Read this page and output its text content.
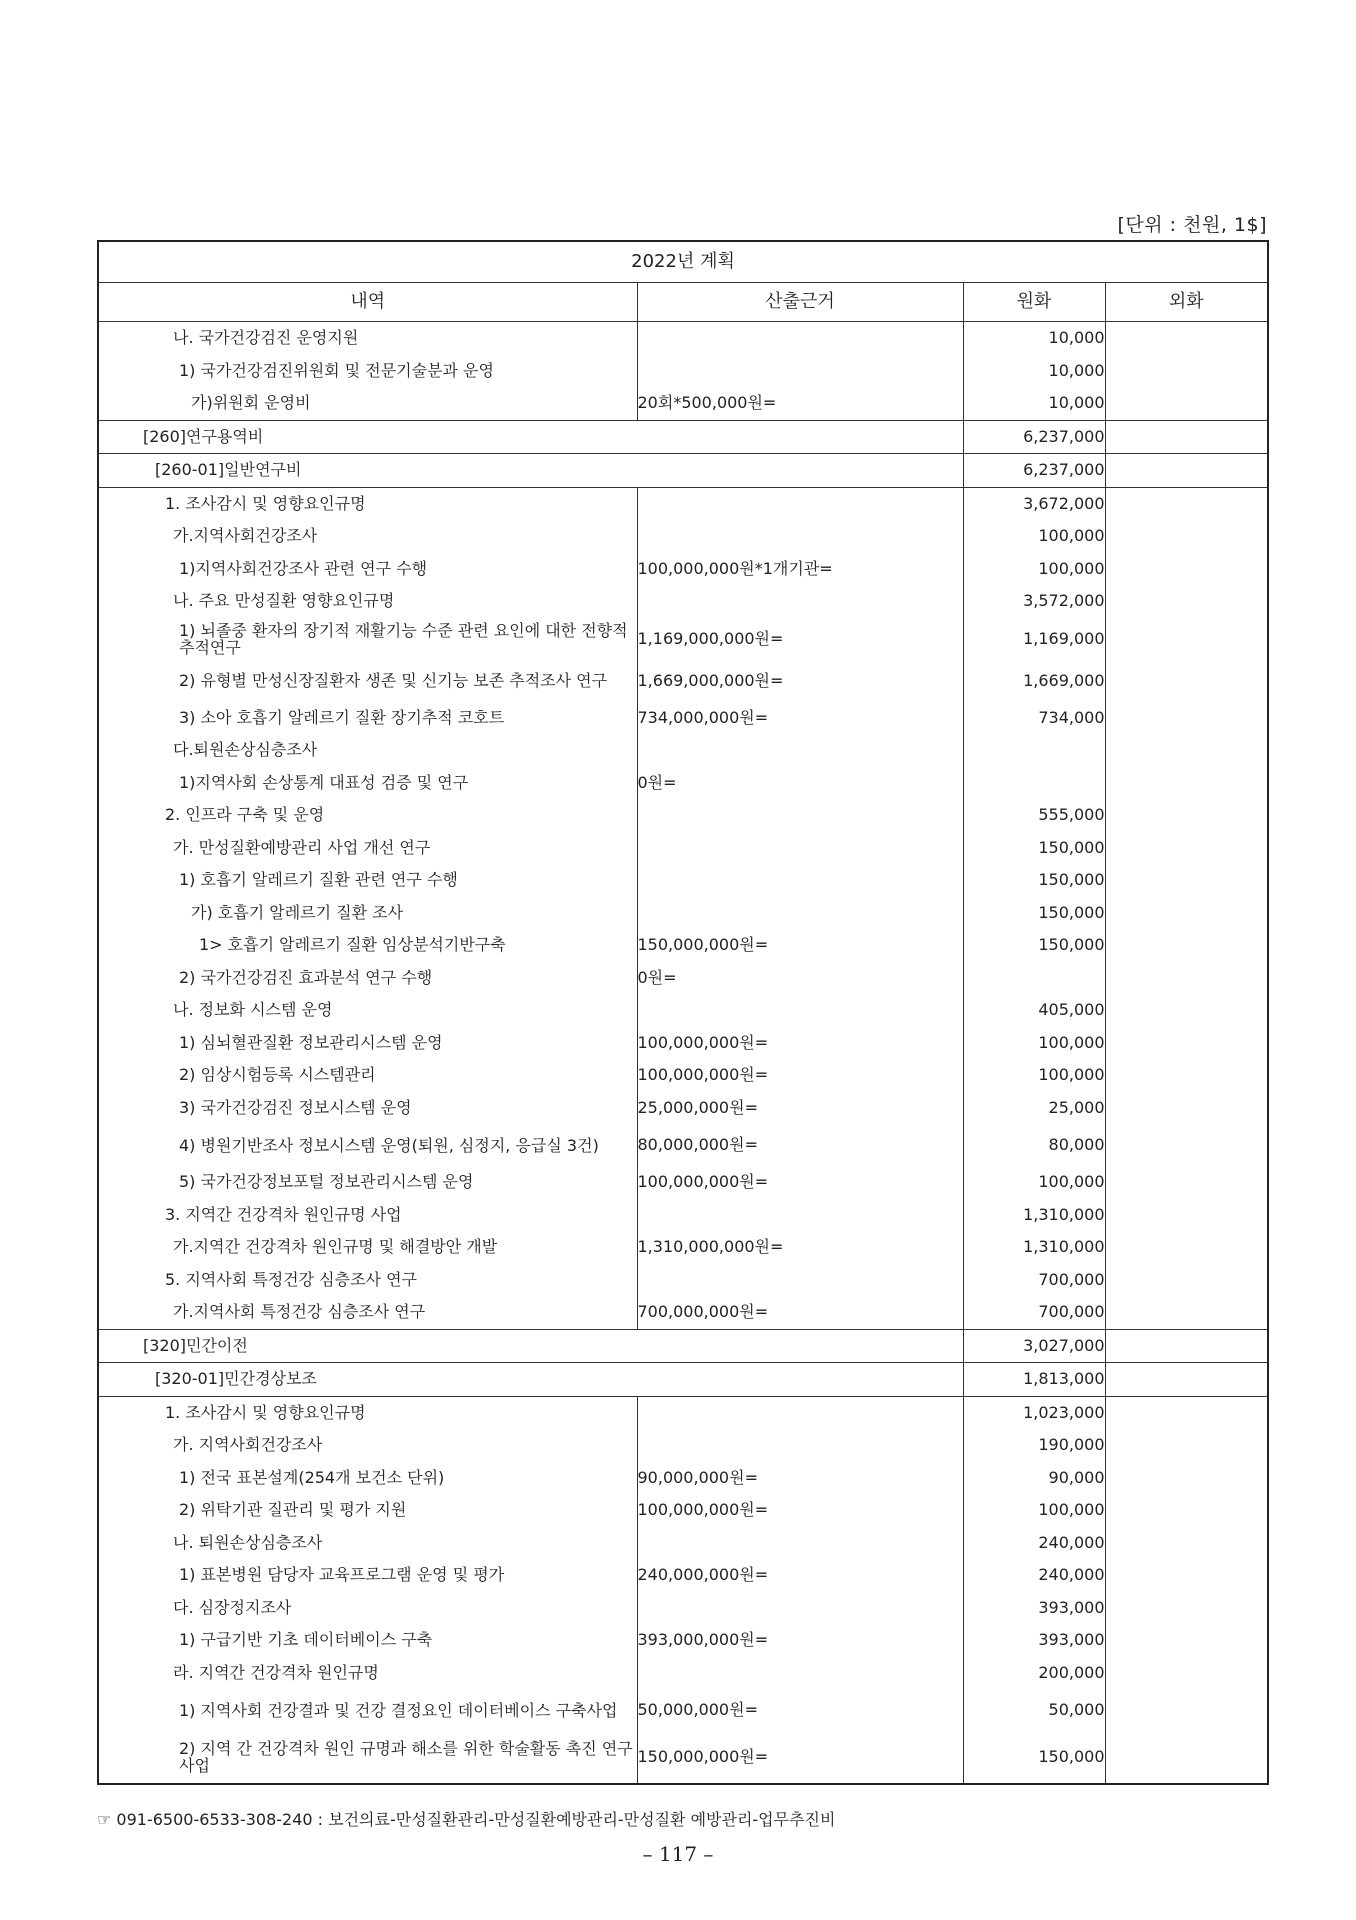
[단위 : 천원, 1$]
2022년 계획			
내역	산출근거	원화	외화
나. 국가건강검진 운영지원		10,000	
1) 국가건강검진위원회 및 전문기술분과 운영		10,000	
가)위원회 운영비	20회*500,000원=	10,000	
[260]연구용역비		6,237,000	
[260-01]일반연구비		6,237,000	
1. 조사감시 및 영향요인규명		3,672,000	
가.지역사회건강조사		100,000	
1)지역사회건강조사 관련 연구 수행	100,000,000원*1개기관=	100,000	
나. 주요 만성질환 영향요인규명		3,572,000	
1) 뇌졸중 환자의 장기적 재활기능 수준 관련 요인에 대한 전향적 추적연구	1,169,000,000원=	1,169,000	
2) 유형별 만성신장질환자 생존 및 신기능 보존 추적조사 연구	1,669,000,000원=	1,669,000	
3) 소아 호흡기 알레르기 질환 장기추적 코호트	734,000,000원=	734,000	
다.퇴원손상심층조사			
1)지역사회 손상통계 대표성 검증 및 연구	0원=		
2. 인프라 구축 및 운영		555,000	
가. 만성질환예방관리 사업 개선 연구		150,000	
1) 호흡기 알레르기 질환 관련 연구 수행		150,000	
가) 호흡기 알레르기 질환 조사		150,000	
1> 호흡기 알레르기 질환 임상분석기반구축	150,000,000원=	150,000	
2) 국가건강검진 효과분석 연구 수행	0원=		
나. 정보화 시스템 운영		405,000	
1) 심뇌혈관질환 정보관리시스템 운영	100,000,000원=	100,000	
2) 임상시험등록 시스템관리	100,000,000원=	100,000	
3) 국가건강검진 정보시스템 운영	25,000,000원=	25,000	
4) 병원기반조사 정보시스템 운영(퇴원, 심정지, 응급실 3건)	80,000,000원=	80,000	
5) 국가건강정보포털 정보관리시스템 운영	100,000,000원=	100,000	
3. 지역간 건강격차 원인규명 사업		1,310,000	
가.지역간 건강격차 원인규명 및 해결방안 개발	1,310,000,000원=	1,310,000	
5. 지역사회 특정건강 심층조사 연구		700,000	
가.지역사회 특정건강 심층조사 연구	700,000,000원=	700,000	
[320]민간이전		3,027,000	
[320-01]민간경상보조		1,813,000	
1. 조사감시 및 영향요인규명		1,023,000	
가. 지역사회건강조사		190,000	
1) 전국 표본설계(254개 보건소 단위)	90,000,000원=	90,000	
2) 위탁기관 질관리 및 평가 지원	100,000,000원=	100,000	
나. 퇴원손상심층조사		240,000	
1) 표본병원 담당자 교육프로그램 운영 및 평가	240,000,000원=	240,000	
다. 심장정지조사		393,000	
1) 구급기반 기초 데이터베이스 구축	393,000,000원=	393,000	
라. 지역간 건강격차 원인규명		200,000	
1) 지역사회 건강결과 및 건강 결정요인 데이터베이스 구축사업	50,000,000원=	50,000	
2) 지역 간 건강격차 원인 규명과 해소를 위한 학술활동 촉진 연구사업	150,000,000원=	150,000	
☞ 091-6500-6533-308-240 : 보건의료-만성질환관리-만성질환예방관리-만성질환 예방관리-업무추진비
– 117 –
